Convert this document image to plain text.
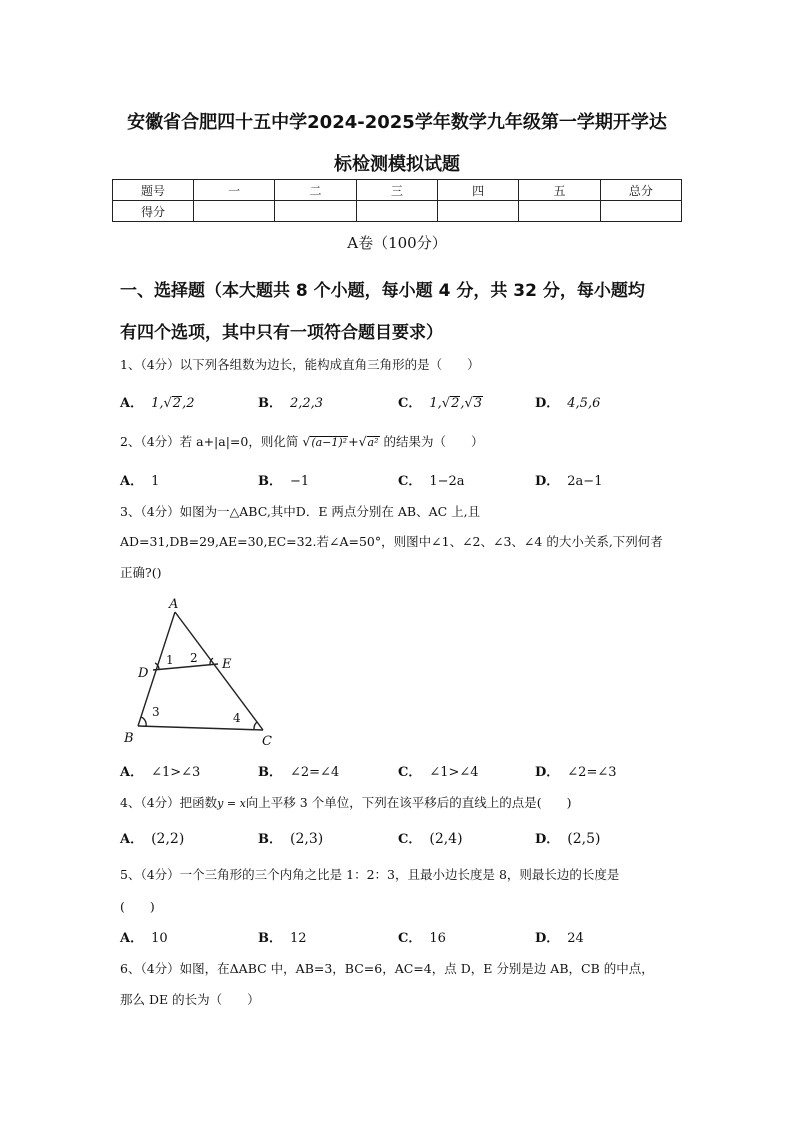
安徽省合肥四十五中学2024-2025学年数学九年级第一学期开学达
标检测模拟试题
题号	一	二	三	四	五	总分
得分						
A卷（100分）
一、选择题（本大题共 8 个小题，每小题 4 分，共 32 分，每小题均
有四个选项，其中只有一项符合题目要求）
1、（4分）以下列各组数为边长，能构成直角三角形的是（　　）
A． 1,√2,2	B． 2,2,3	C． 1,√2,√3	D． 4,5,6
2、（4分）若 a+|a|=0，则化简 √(a−1)²+√a² 的结果为（　　）
A． 1	B． −1	C． 1−2a	D． 2a−1
3、（4分）如图为一△ABC,其中D．E 两点分别在 AB、AC 上,且
AD=31,DB=29,AE=30,EC=32.若∠A=50°，则图中∠1、∠2、∠3、∠4 的大小关系,下列何者
正确?()
A
B	C
D
E
1 2
3	4
A． ∠1>∠3	B． ∠2=∠4	C． ∠1>∠4	D． ∠2=∠3
4、（4分）把函数y = x向上平移 3 个单位，下列在该平移后的直线上的点是(　　)
A． (2,2)	B． (2,3)	C． (2,4)	D． (2,5)
5、（4分）一个三角形的三个内角之比是 1：2：3，且最小边长度是 8，则最长边的长度是
(　　)
A． 10	B． 12	C． 16	D． 24
6、（4分）如图，在ΔABC 中，AB=3，BC=6，AC=4，点 D，E 分别是边 AB，CB 的中点，
那么 DE 的长为（　　）
